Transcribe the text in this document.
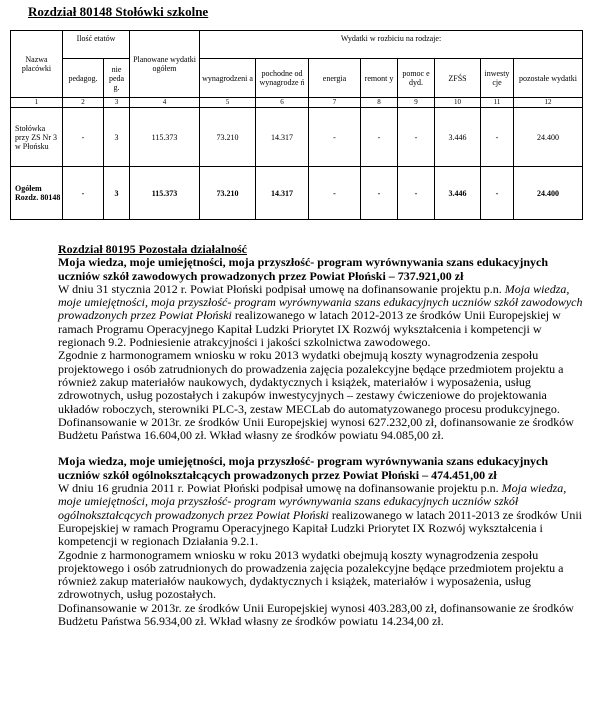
Rozdział 80148 Stołówki szkolne
Nazwa placówki	Ilość etatów		Planowane wydatki ogółem	Wydatki w rozbiciu na rodzaje:							
	pedagog.	nie peda g.		wynagrodzeni a	pochodne od wynagrodze ń	energia	remont y	pomoc e dyd.	ZFŚS	inwesty cje	pozostałe wydatki
1	2	3	4	5	6	7	8	9	10	11	12
Stołówka przy ZS Nr 3 w Płońsku	-	3	115.373	73.210	14.317	-	-	-	3.446	-	24.400
Ogółem Rozdz. 80148	-	3	115.373	73.210	14.317	-	-	-	3.446	-	24.400

Rozdział 80195 Pozostała działalność

Moja wiedza, moje umiejętności, moja przyszłość- program wyrównywania szans edukacyjnych uczniów szkół zawodowych prowadzonych przez Powiat Płoński – 737.921,00 zł

W dniu 31 stycznia 2012 r. Powiat Płoński podpisał umowę na dofinansowanie projektu p.n. Moja wiedza, moje umiejętności, moja przyszłość- program wyrównywania szans edukacyjnych uczniów szkół zawodowych prowadzonych przez Powiat Płoński realizowanego w latach 2012-2013 ze środków Unii Europejskiej w ramach Programu Operacyjnego Kapitał Ludzki Priorytet IX Rozwój wykształcenia i kompetencji w regionach 9.2. Podniesienie atrakcyjności i jakości szkolnictwa zawodowego.

Zgodnie z harmonogramem wniosku w roku 2013 wydatki obejmują koszty wynagrodzenia zespołu projektowego i osób zatrudnionych do prowadzenia zajęcia pozalekcyjne będące przedmiotem projektu a również zakup materiałów naukowych, dydaktycznych i książek, materiałów i wyposażenia, usług zdrowotnych, usług pozostałych i zakupów inwestycyjnych – zestawy ćwiczeniowe do projektowania układów roboczych, sterowniki PLC-3, zestaw MECLab do automatyzowanego procesu produkcyjnego.

Dofinansowanie w 2013r. ze środków Unii Europejskiej wynosi 627.232,00 zł, dofinansowanie ze środków Budżetu Państwa 16.604,00 zł. Wkład własny ze środków powiatu 94.085,00 zł.

Moja wiedza, moje umiejętności, moja przyszłość- program wyrównywania szans edukacyjnych uczniów szkół ogólnokształcących prowadzonych przez Powiat Płoński – 474.451,00 zł

W dniu 16 grudnia 2011 r. Powiat Płoński podpisał umowę na dofinansowanie projektu p.n. Moja wiedza, moje umiejętności, moja przyszłość- program wyrównywania szans edukacyjnych uczniów szkół ogólnokształcących prowadzonych przez Powiat Płoński realizowanego w latach 2011-2013 ze środków Unii Europejskiej w ramach Programu Operacyjnego Kapitał Ludzki Priorytet IX Rozwój wykształcenia i kompetencji w regionach Działania 9.2.1.

Zgodnie z harmonogramem wniosku w roku 2013 wydatki obejmują koszty wynagrodzenia zespołu projektowego i osób zatrudnionych do prowadzenia zajęcia pozalekcyjne będące przedmiotem projektu a również zakup materiałów naukowych, dydaktycznych i książek, materiałów i wyposażenia, usług zdrowotnych, usług pozostałych.

Dofinansowanie w 2013r. ze środków Unii Europejskiej wynosi 403.283,00 zł, dofinansowanie ze środków Budżetu Państwa 56.934,00 zł. Wkład własny ze środków powiatu 14.234,00 zł.
